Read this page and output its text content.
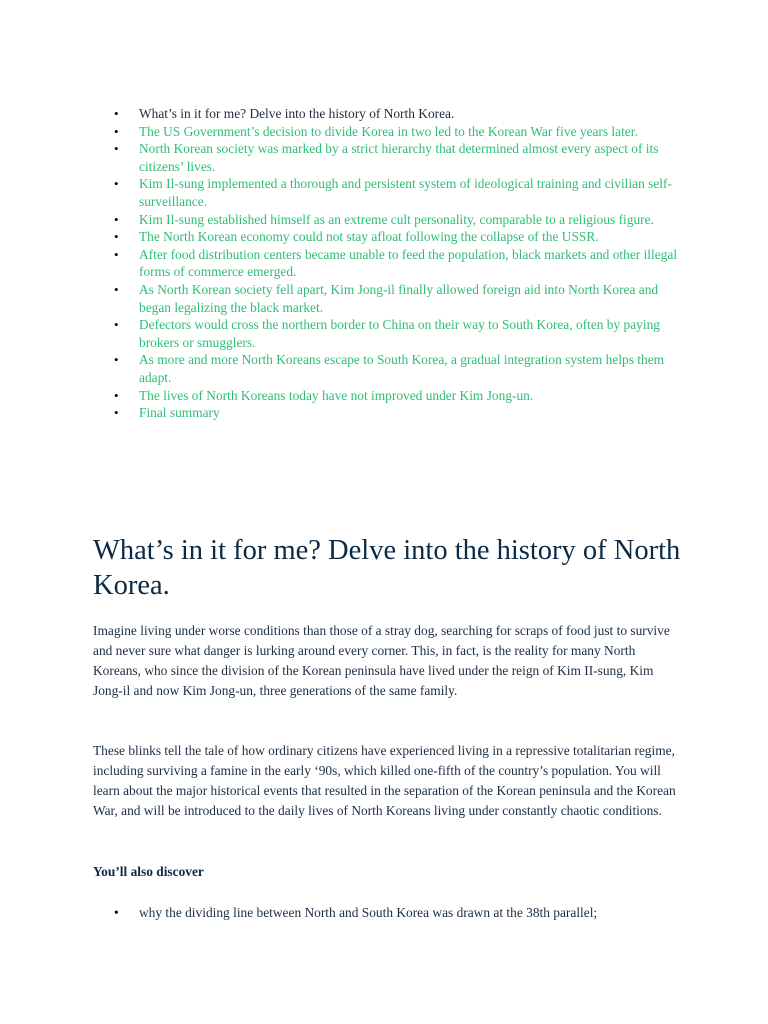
• What’s in it for me? Delve into the history of North Korea.
• The US Government’s decision to divide Korea in two led to the Korean War five years later.
• North Korean society was marked by a strict hierarchy that determined almost every aspect of its citizens’ lives.
• Kim Il-sung implemented a thorough and persistent system of ideological training and civilian self-surveillance.
• Kim Il-sung established himself as an extreme cult personality, comparable to a religious figure.
• The North Korean economy could not stay afloat following the collapse of the USSR.
• After food distribution centers became unable to feed the population, black markets and other illegal forms of commerce emerged.
• As North Korean society fell apart, Kim Jong-il finally allowed foreign aid into North Korea and began legalizing the black market.
• Defectors would cross the northern border to China on their way to South Korea, often by paying brokers or smugglers.
• As more and more North Koreans escape to South Korea, a gradual integration system helps them adapt.
• The lives of North Koreans today have not improved under Kim Jong-un.
• Final summary
What’s in it for me? Delve into the history of North Korea.

Imagine living under worse conditions than those of a stray dog, searching for scraps of food just to survive and never sure what danger is lurking around every corner. This, in fact, is the reality for many North Koreans, who since the division of the Korean peninsula have lived under the reign of Kim II-sung, Kim Jong-il and now Kim Jong-un, three generations of the same family.

These blinks tell the tale of how ordinary citizens have experienced living in a repressive totalitarian regime, including surviving a famine in the early ‘90s, which killed one-fifth of the country’s population. You will learn about the major historical events that resulted in the separation of the Korean peninsula and the Korean War, and will be introduced to the daily lives of North Koreans living under constantly chaotic conditions.

You’ll also discover

• why the dividing line between North and South Korea was drawn at the 38th parallel;
